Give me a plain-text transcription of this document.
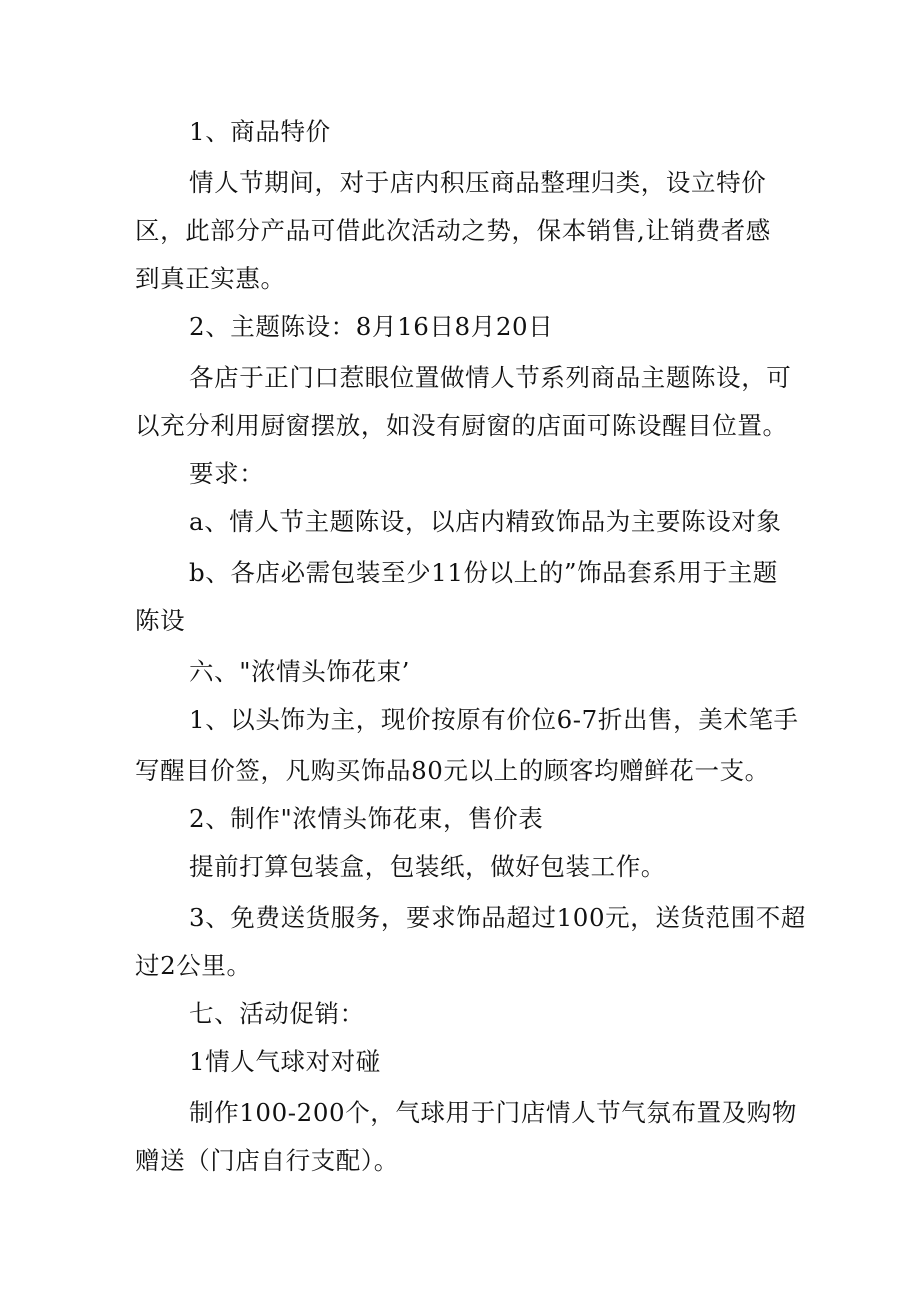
1、商品特价
情人节期间，对于店内积压商品整理归类，设立特价
区，此部分产品可借此次活动之势，保本销售,让销费者感
到真正实惠。
2、主题陈设：8月16日8月20日
各店于正门口惹眼位置做情人节系列商品主题陈设，可
以充分利用厨窗摆放，如没有厨窗的店面可陈设醒目位置。
要求：
a、情人节主题陈设，以店内精致饰品为主要陈设对象
b、各店必需包装至少11份以上的”饰品套系用于主题
陈设
六、"浓情头饰花束’
1、以头饰为主，现价按原有价位6-7折出售，美术笔手
写醒目价签，凡购买饰品80元以上的顾客均赠鲜花一支。
2、制作"浓情头饰花束，售价表
提前打算包装盒，包装纸，做好包装工作。
3、免费送货服务，要求饰品超过100元，送货范围不超
过2公里。
七、活动促销：
1情人气球对对碰
制作100-200个，气球用于门店情人节气氛布置及购物
赠送（门店自行支配）。
